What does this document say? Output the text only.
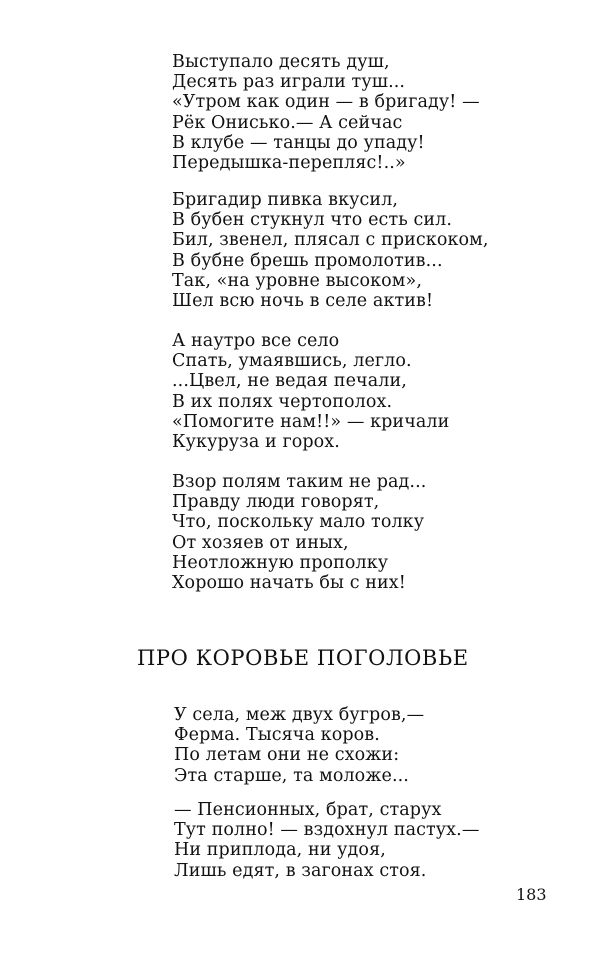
Выступало десять душ,
Десять раз играли туш...
«Утром как один — в бригаду! —
Рёк Онисько.— А сейчас
В клубе — танцы до упаду!
Передышка-перепляс!..»
Бригадир пивка вкусил,
В бубен стукнул что есть сил.
Бил, звенел, плясал с прискоком,
В бубне брешь промолотив...
Так, «на уровне высоком»,
Шел всю ночь в селе актив!
А наутро все село
Спать, умаявшись, легло.
...Цвел, не ведая печали,
В их полях чертополох.
«Помогите нам!!» — кричали
Кукуруза и горох.
Взор полям таким не рад...
Правду люди говорят,
Что, поскольку мало толку
От хозяев от иных,
Неотложную прополку
Хорошо начать бы с них!
ПРО КОРОВЬЕ ПОГОЛОВЬЕ
У села, меж двух бугров,—
Ферма. Тысяча коров.
По летам они не схожи:
Эта старше, та моложе...
— Пенсионных, брат, старух
Тут полно! — вздохнул пастух.—
Ни приплода, ни удоя,
Лишь едят, в загонах стоя.
183
